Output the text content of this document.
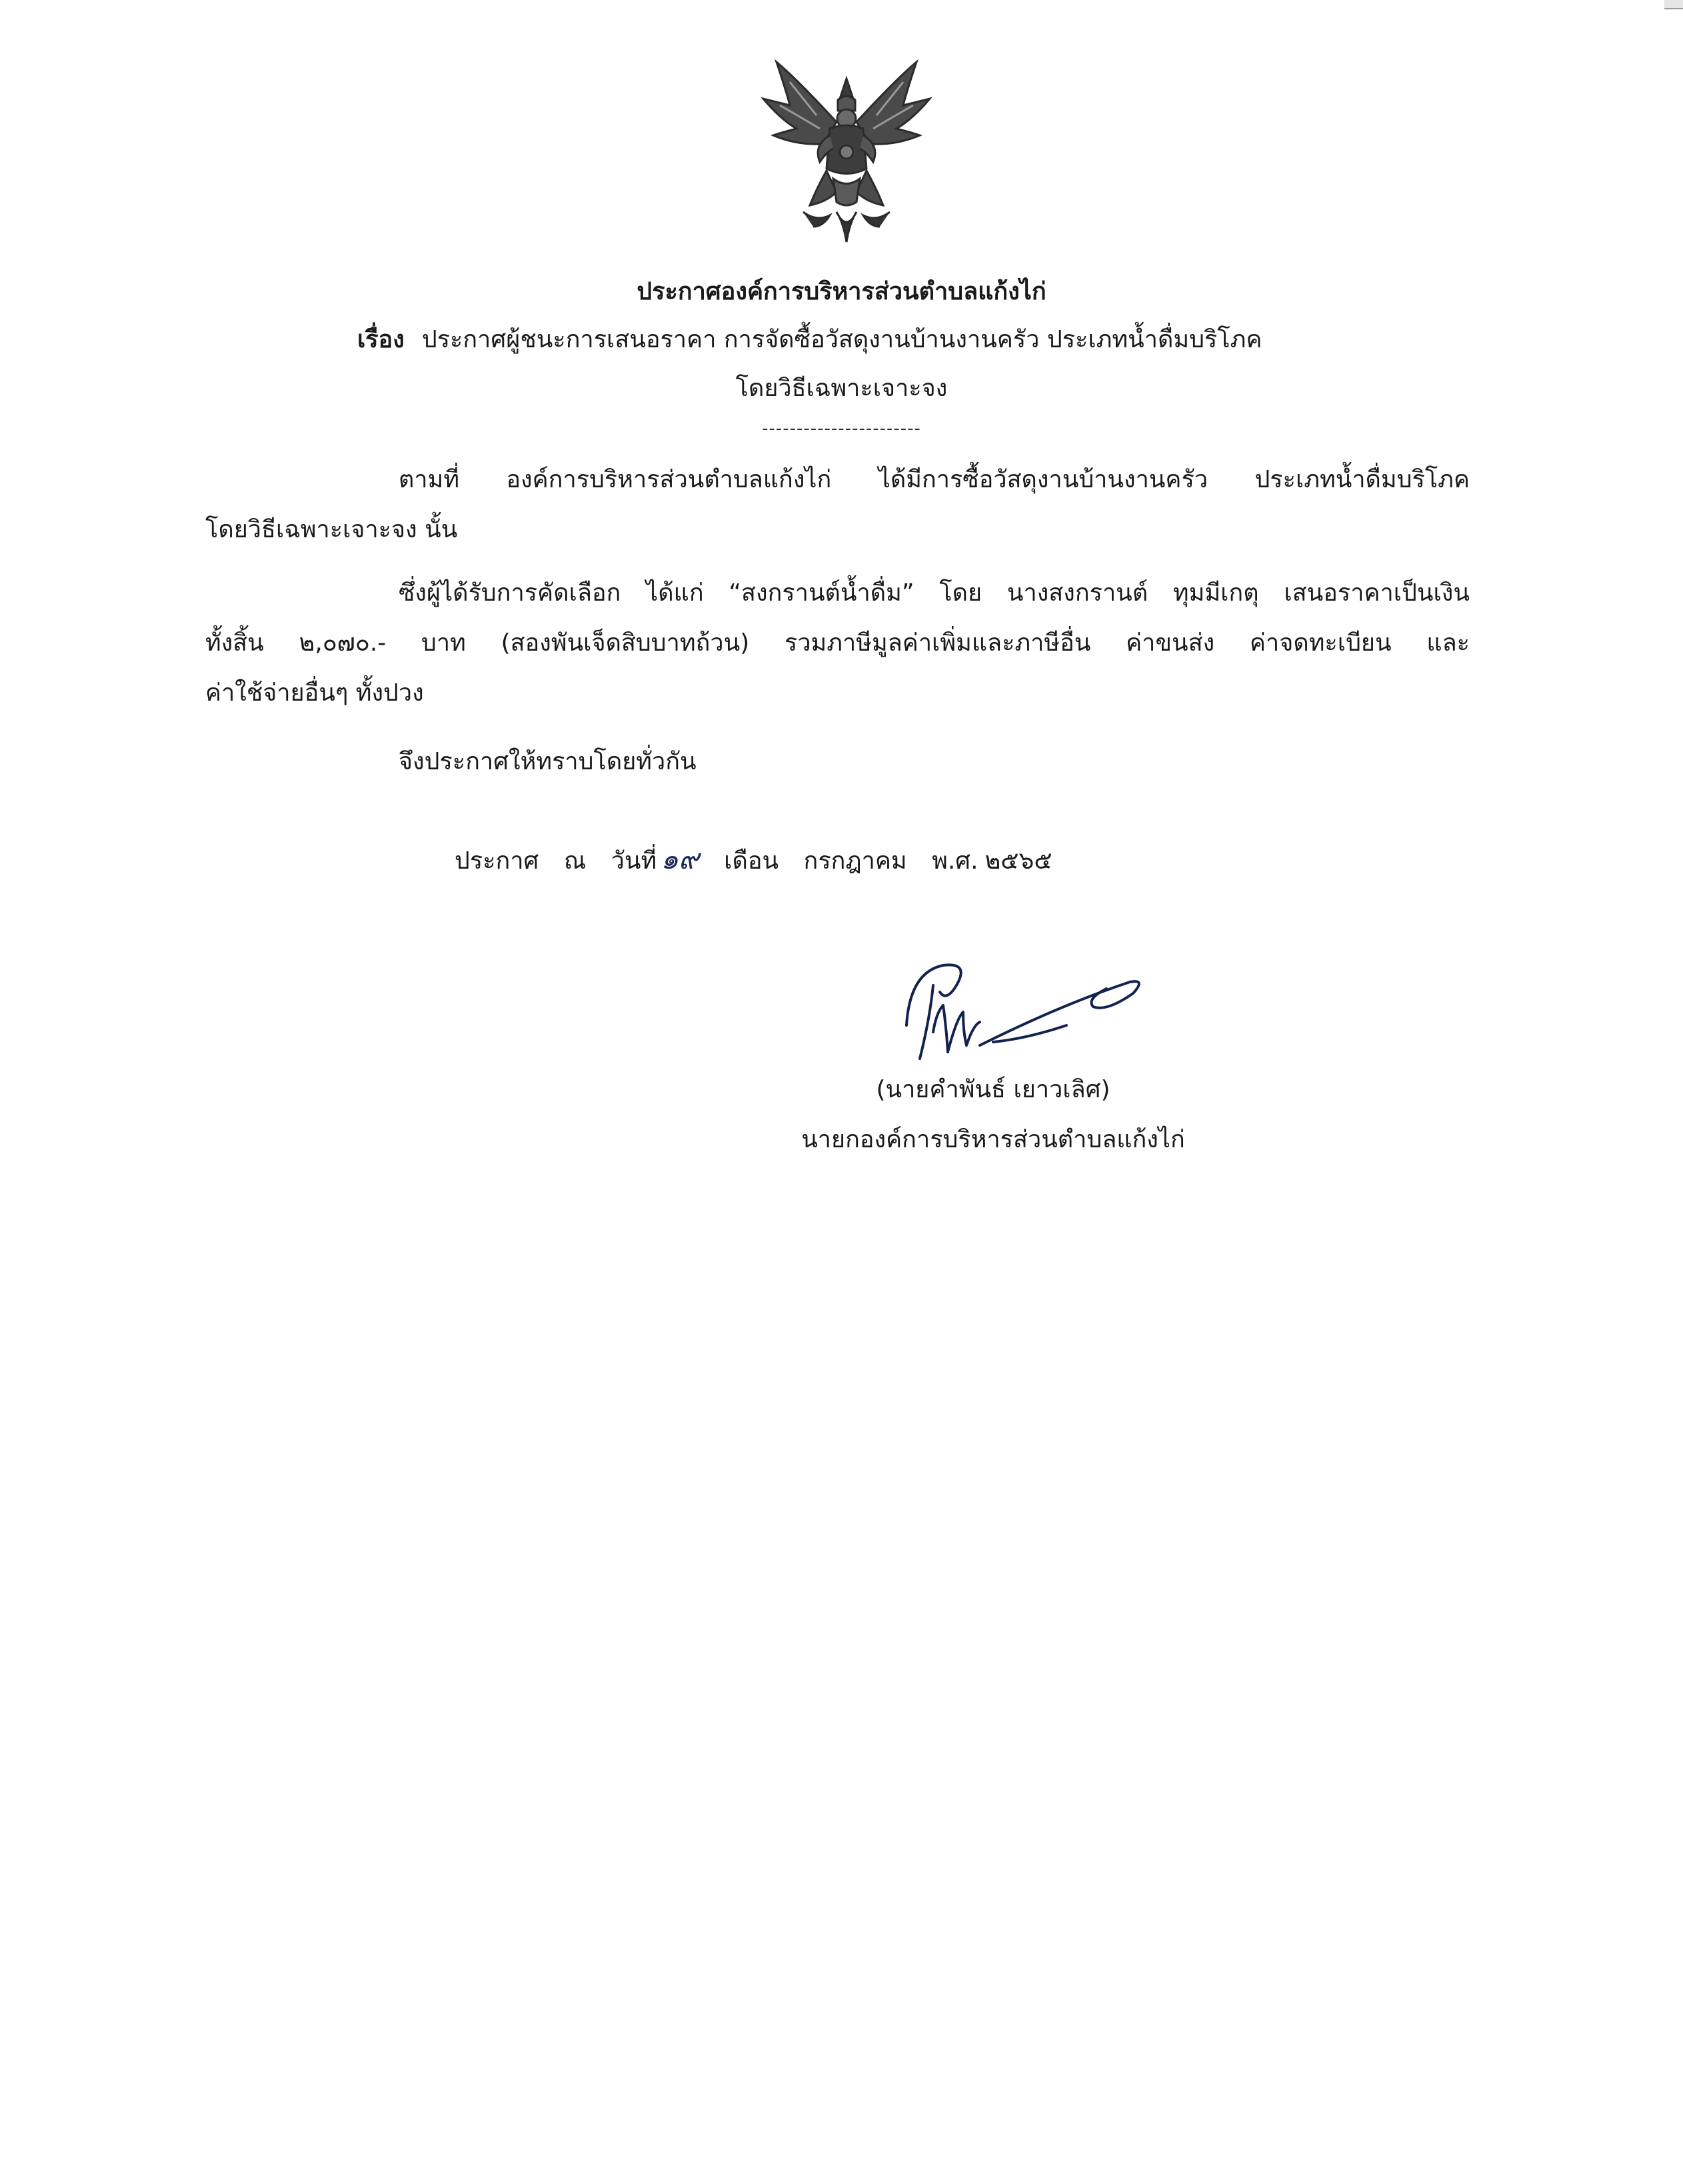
ประกาศองค์การบริหารส่วนตำบลแก้งไก่
เรื่อง ประกาศผู้ชนะการเสนอราคา การจัดซื้อวัสดุงานบ้านงานครัว ประเภทน้ำดื่มบริโภค
โดยวิธีเฉพาะเจาะจง
-----------------------
ตามที่ องค์การบริหารส่วนตำบลแก้งไก่ ได้มีการซื้อวัสดุงานบ้านงานครัว ประเภทน้ำดื่มบริโภค
โดยวิธีเฉพาะเจาะจง นั้น
ซึ่งผู้ได้รับการคัดเลือก ได้แก่ “สงกรานต์น้ำดื่ม” โดย นางสงกรานต์ ทุมมีเกตุ เสนอราคาเป็นเงิน
ทั้งสิ้น ๒,๐๗๐.- บาท (สองพันเจ็ดสิบบาทถ้วน) รวมภาษีมูลค่าเพิ่มและภาษีอื่น ค่าขนส่ง ค่าจดทะเบียน และ
ค่าใช้จ่ายอื่นๆ ทั้งปวง
จึงประกาศให้ทราบโดยทั่วกัน
ประกาศ ณ วันที่ ๑๙ เดือน กรกฎาคม พ.ศ. ๒๕๖๕
(นายคำพันธ์ เยาวเลิศ)
นายกองค์การบริหารส่วนตำบลแก้งไก่
